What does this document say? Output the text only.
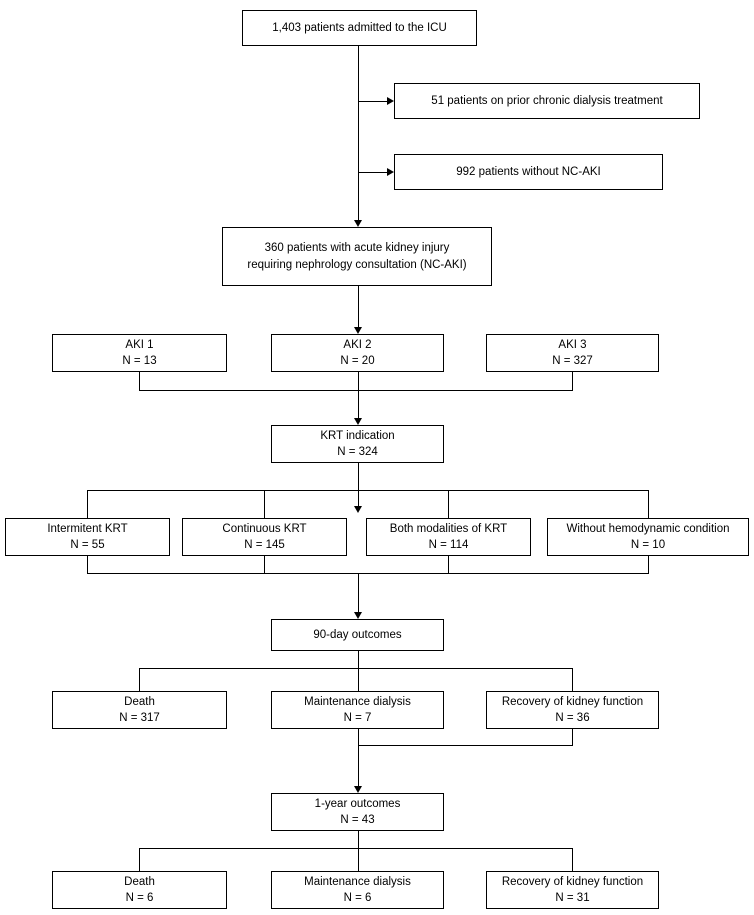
1,403 patients admitted to the ICU
51 patients on prior chronic dialysis treatment
992 patients without NC-AKI
360 patients with acute kidney injury
requiring nephrology consultation (NC-AKI)
AKI 1
N = 13
AKI 2
N = 20
AKI 3
N = 327
KRT indication
N = 324
Intermitent KRT
N = 55
Continuous KRT
N = 145
Both modalities of KRT
N = 114
Without hemodynamic condition
N = 10
90-day outcomes
Death
N = 317
Maintenance dialysis
N = 7
Recovery of kidney function
N = 36
1-year outcomes
N = 43
Death
N = 6
Maintenance dialysis
N = 6
Recovery of kidney function
N = 31
